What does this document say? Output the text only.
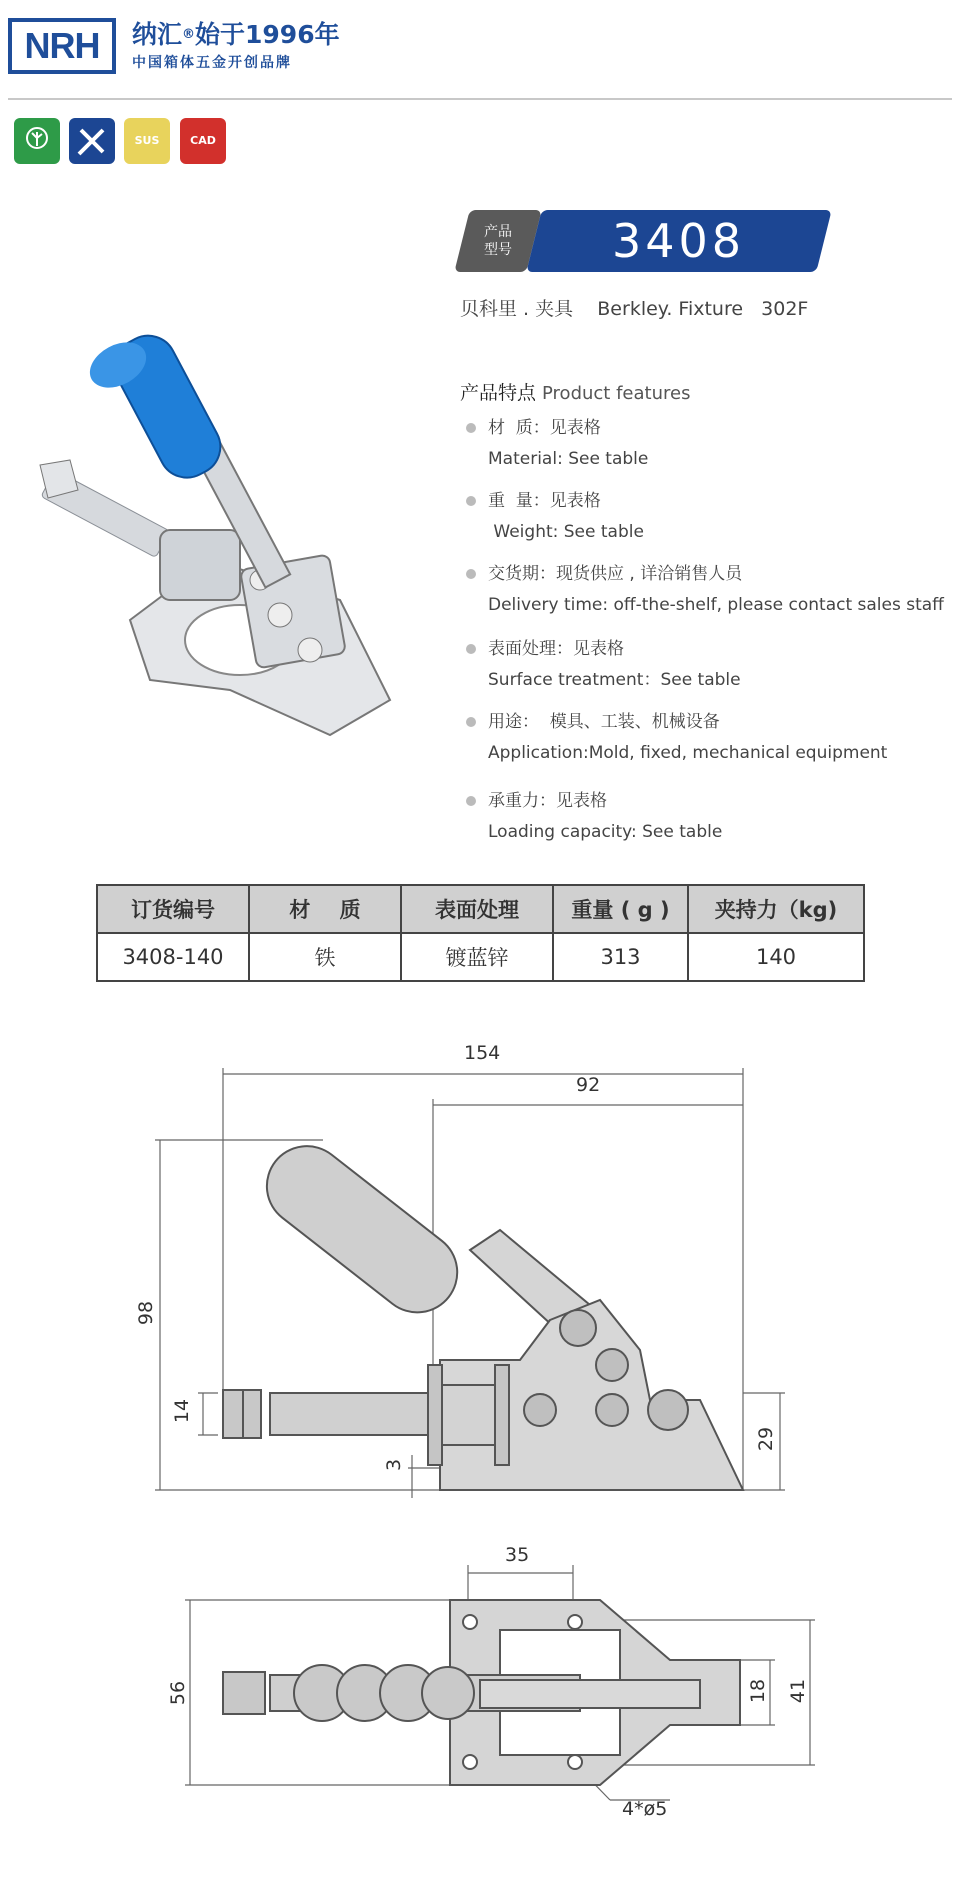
NRH	纳汇®始于1996年
中国箱体五金开创品牌
SUS	CAD
产品型号	3408
贝科里 . 夹具    Berkley. Fixture   302F
产品特点 Product features
材  质：见表格
Material: See table
重  量：见表格
Weight: See table
交货期：现货供应 , 详洽销售人员
Delivery time: off-the-shelf, please contact sales staff
表面处理：见表格
Surface treatment：See table
用途：  模具、工装、机械设备
Application:Mold, fixed, mechanical equipment
承重力：见表格
Loading capacity: See table
订货编号	材    质	表面处理	重量 ( g )	夹持力（kg)
3408-140	铁	镀蓝锌	313	140
154
92
98
14
3
29
35
56	18 41
4*ø5
